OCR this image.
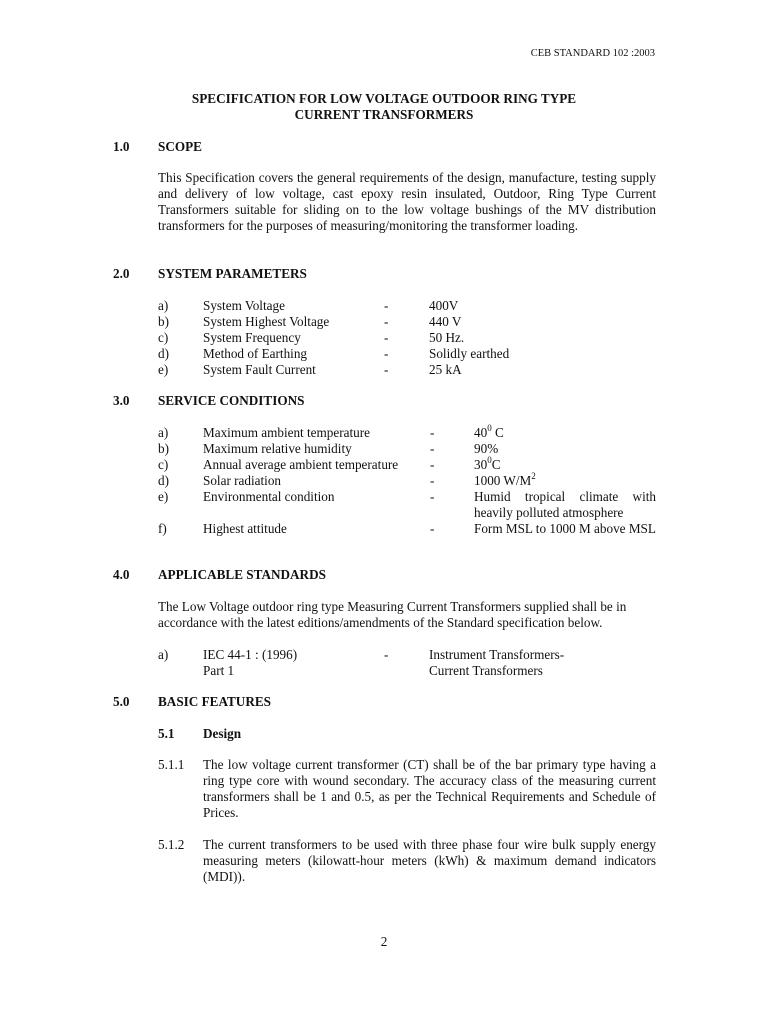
CEB STANDARD 102 :2003
SPECIFICATION FOR LOW VOLTAGE OUTDOOR RING TYPE
CURRENT TRANSFORMERS
1.0 SCOPE

This Specification covers the general requirements of the design, manufacture, testing supply and delivery of low voltage, cast epoxy resin insulated, Outdoor, Ring Type Current Transformers suitable for sliding on to the low voltage bushings of the MV distribution transformers for the purposes of measuring/monitoring the transformer loading.

2.0 SYSTEM PARAMETERS
a)	System Voltage	-	400V
b)	System Highest Voltage	-	440 V
c)	System Frequency	-	50 Hz.
d)	Method of Earthing	-	Solidly earthed
e)	System Fault Current	-	25 kA
3.0 SERVICE CONDITIONS
a)	Maximum ambient temperature	-	$40^0$ C
b)	Maximum relative humidity	-	90%
c)	Annual average ambient temperature -	$30^0C$
d)	Solar radiation	-	1000 $W/M^2$
e)	Environmental condition	-	Humid tropical climate with heavily polluted atmosphere
f)	Highest attitude	-	Form MSL to 1000 M above MSL
4.0 APPLICABLE STANDARDS
The Low Voltage outdoor ring type Measuring Current Transformers supplied shall be in accordance with the latest editions/amendments of the Standard specification below.
a)	IEC 44-1 : (1996)	-	Instrument Transformers-
Part 1	Current Transformers
5.0 BASIC FEATURES
5.1 Design
5.1.1 The low voltage current transformer (CT) shall be of the bar primary type having a ring type core with wound secondary. The accuracy class of the measuring current transformers shall be 1 and 0.5, as per the Technical Requirements and Schedule of Prices.
5.1.2 The current transformers to be used with three phase four wire bulk supply energy measuring meters (kilowatt-hour meters (kWh) & maximum demand indicators (MDI)).
2
